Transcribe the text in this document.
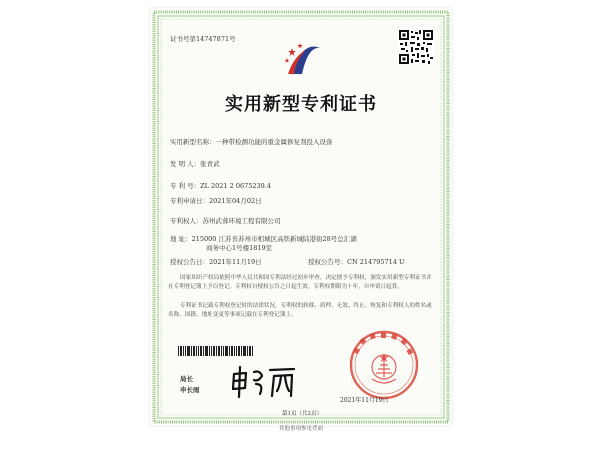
证书号第14747871号
实用新型专利证书
实用新型名称：一种带检测功能的重金属修复剂投入设备
发 明 人：张青武
专 利 号：ZL 2021 2 0675239.4
专利申请日：2021年04月02日
专利权人：苏州武蓉环境工程有限公司
地 址：215000 江苏省苏州市相城区高铁新城陆港街28号总汇湖
商务中心1号楼1819室
授权公告日：2021年11月19日	授权公告号：CN 214795714 U
国家知识产权局依照中华人民共和国专利法经过初步审查，决定授予专利权，颁发实用新型专利证书并在专利登记簿上予以登记。专利权自授权公告之日起生效。专利权期限为十年，自申请日起算。
专利证书记载专利权登记时的法律状况。专利权的转移、质押、无效、终止、恢复和专利权人的姓名或名称、国籍、地址变更等事项记载在专利登记簿上。
局长
申长雨
2021年11月19日
第1页（共2页）
其他事项参见背面
